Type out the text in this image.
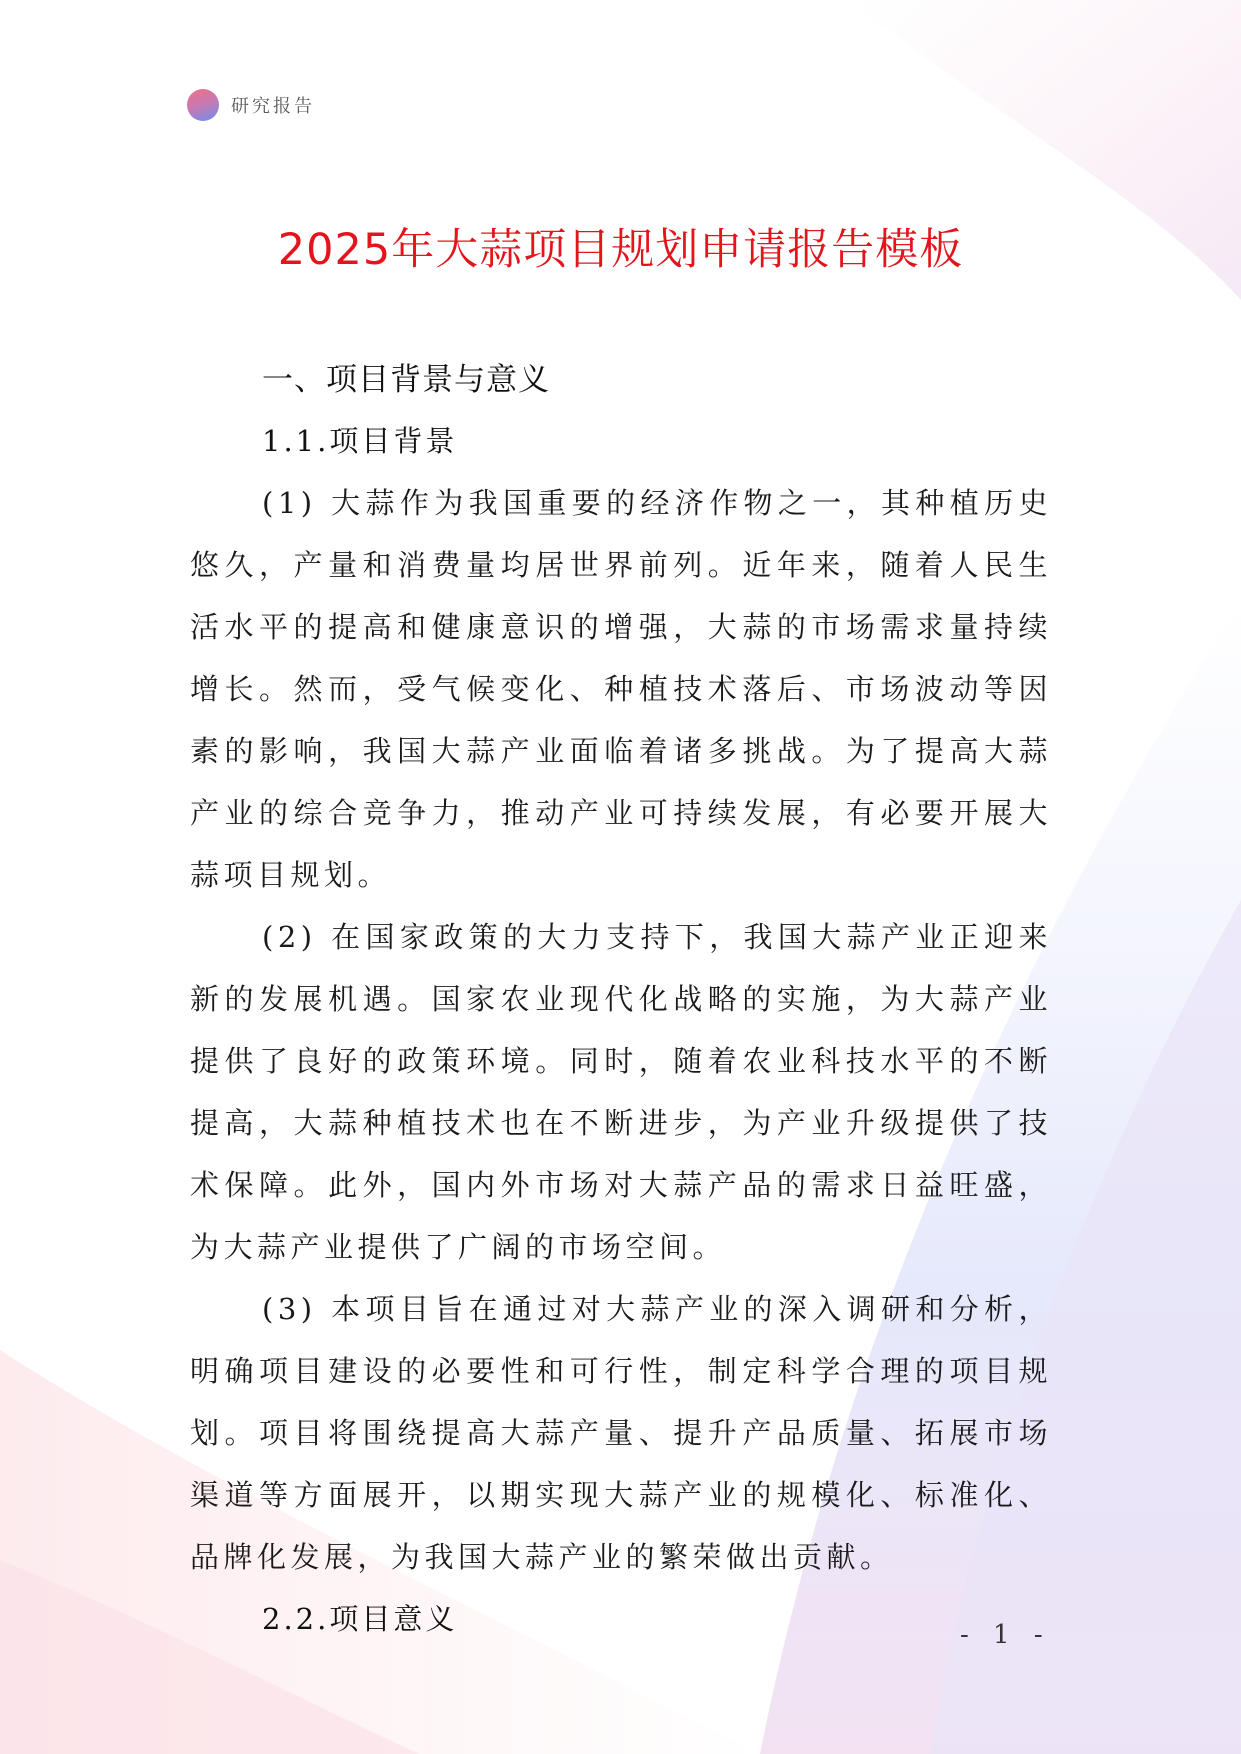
研究报告
2025年大蒜项目规划申请报告模板
一、项目背景与意义
1.1.项目背景

(1) 大蒜作为我国重要的经济作物之一，其种植历史悠久，产量和消费量均居世界前列。近年来，随着人民生活水平的提高和健康意识的增强，大蒜的市场需求量持续增长。然而，受气候变化、种植技术落后、市场波动等因素的影响，我国大蒜产业面临着诸多挑战。为了提高大蒜产业的综合竞争力，推动产业可持续发展，有必要开展大蒜项目规划。

(2) 在国家政策的大力支持下，我国大蒜产业正迎来新的发展机遇。国家农业现代化战略的实施，为大蒜产业提供了良好的政策环境。同时，随着农业科技水平的不断提高，大蒜种植技术也在不断进步，为产业升级提供了技术保障。此外，国内外市场对大蒜产品的需求日益旺盛，为大蒜产业提供了广阔的市场空间。

(3) 本项目旨在通过对大蒜产业的深入调研和分析，明确项目建设的必要性和可行性，制定科学合理的项目规划。项目将围绕提高大蒜产量、提升产品质量、拓展市场渠道等方面展开，以期实现大蒜产业的规模化、标准化、品牌化发展，为我国大蒜产业的繁荣做出贡献。

2.2.项目意义	- 1 -
